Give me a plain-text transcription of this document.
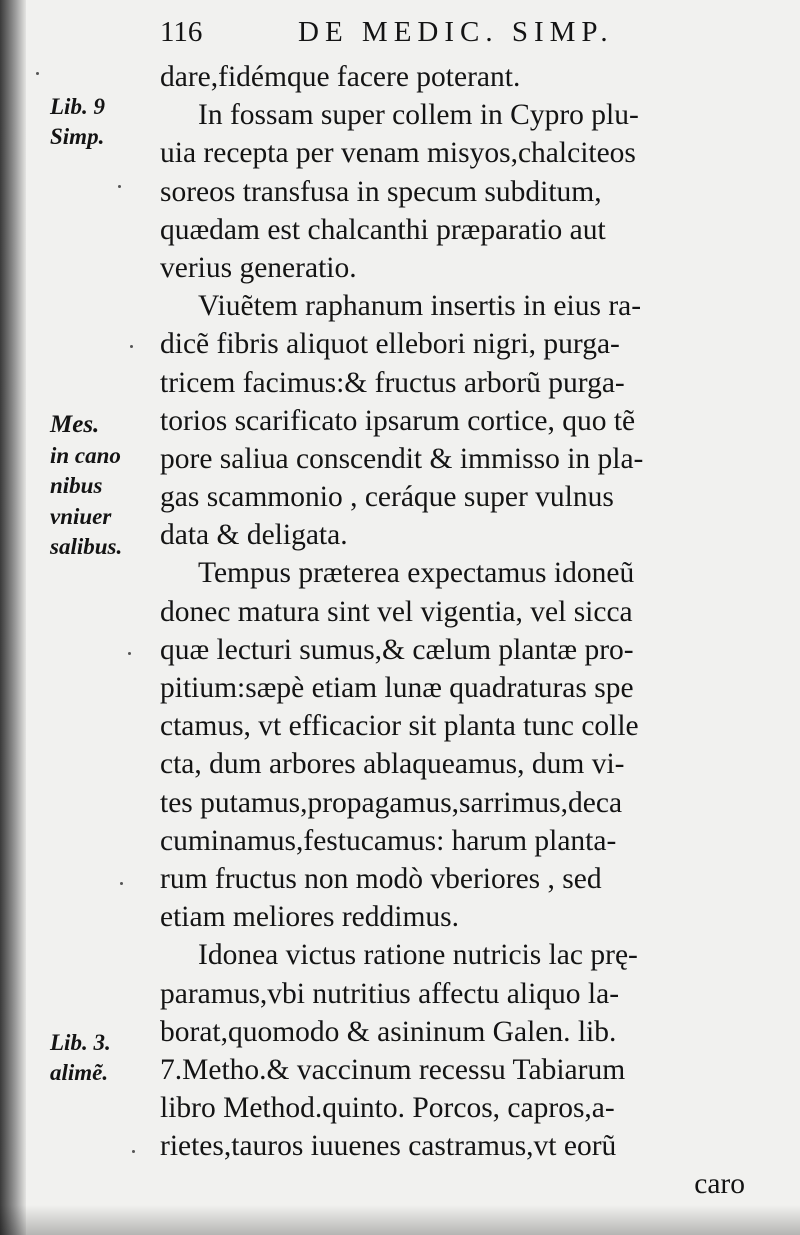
116	DE MEDIC. SIMP.
Lib. 9
Simp.
Mes.
in cano
nibus
vniuer
salibus.
Lib. 3.
alimẽ.
dare,fidémque facere poterant.
In fossam super collem in Cypro plu-
uia recepta per venam misyos,chalciteos
soreos transfusa in specum subditum,
quædam est chalcanthi præparatio aut
verius generatio.
Viuẽtem raphanum insertis in eius ra-
dicẽ fibris aliquot ellebori nigri, purga-
tricem facimus:& fructus arborũ purga-
torios scarificato ipsarum cortice, quo tẽ
pore saliua conscendit & immisso in pla-
gas scammonio , ceráque super vulnus
data & deligata.
Tempus præterea expectamus idoneũ
donec matura sint vel vigentia, vel sicca
quæ lecturi sumus,& cælum plantæ pro-
pitium:sæpè etiam lunæ quadraturas spe
ctamus, vt efficacior sit planta tunc colle
cta, dum arbores ablaqueamus, dum vi-
tes putamus,propagamus,sarrimus,deca
cuminamus,festucamus: harum planta-
rum fructus non modò vberiores , sed
etiam meliores reddimus.
Idonea victus ratione nutricis lac prę-
paramus,vbi nutritius affectu aliquo la-
borat,quomodo & asininum Galen. lib.
7.Metho.& vaccinum recessu Tabiarum
libro Method.quinto. Porcos, capros,a-
rietes,tauros iuuenes castramus,vt eorũ
caro
